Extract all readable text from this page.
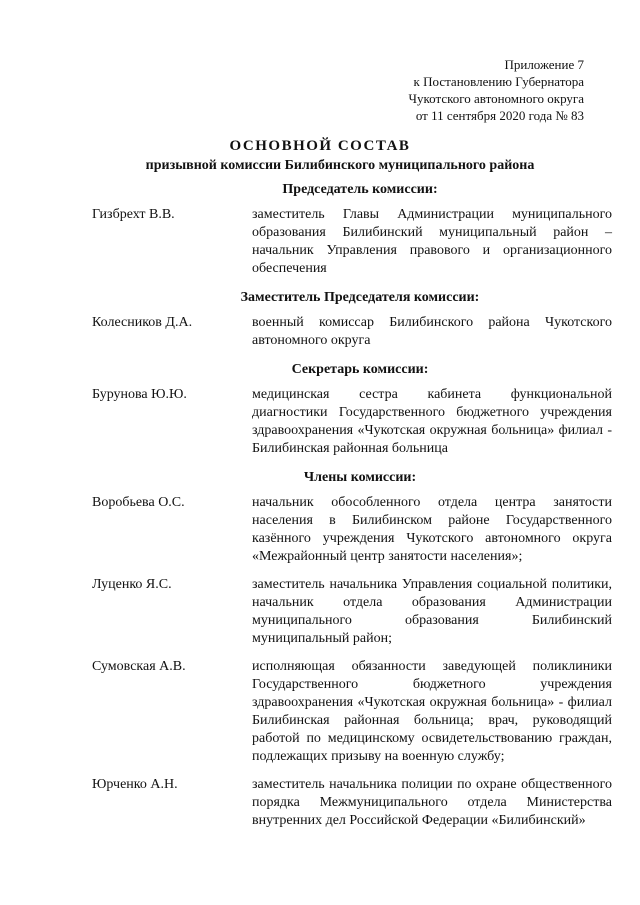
Приложение 7
к Постановлению Губернатора
Чукотского автономного округа
от 11 сентября 2020 года № 83
ОСНОВНОЙ СОСТАВ
призывной комиссии Билибинского муниципального района
Председатель комиссии:
Гизбрехт В.В.	заместитель Главы Администрации муниципального образования Билибинский муниципальный район – начальник Управления правового и организационного обеспечения
Заместитель Председателя комиссии:
Колесников Д.А.	военный комиссар Билибинского района Чукотского автономного округа
Секретарь комиссии:
Бурунова Ю.Ю.	медицинская сестра кабинета функциональной диагностики Государственного бюджетного учреждения здравоохранения «Чукотская окружная больница» филиал - Билибинская районная больница
Члены комиссии:
Воробьева О.С.	начальник обособленного отдела центра занятости населения в Билибинском районе Государственного казённого учреждения Чукотского автономного округа «Межрайонный центр занятости населения»;
Луценко Я.С.	заместитель начальника Управления социальной политики, начальник отдела образования Администрации муниципального образования Билибинский муниципальный район;
Сумовская А.В.	исполняющая обязанности заведующей поликлиники Государственного бюджетного учреждения здравоохранения «Чукотская окружная больница» - филиал Билибинская районная больница; врач, руководящий работой по медицинскому освидетельствованию граждан, подлежащих призыву на военную службу;
Юрченко А.Н.	заместитель начальника полиции по охране общественного порядка Межмуниципального отдела Министерства внутренних дел Российской Федерации «Билибинский»
